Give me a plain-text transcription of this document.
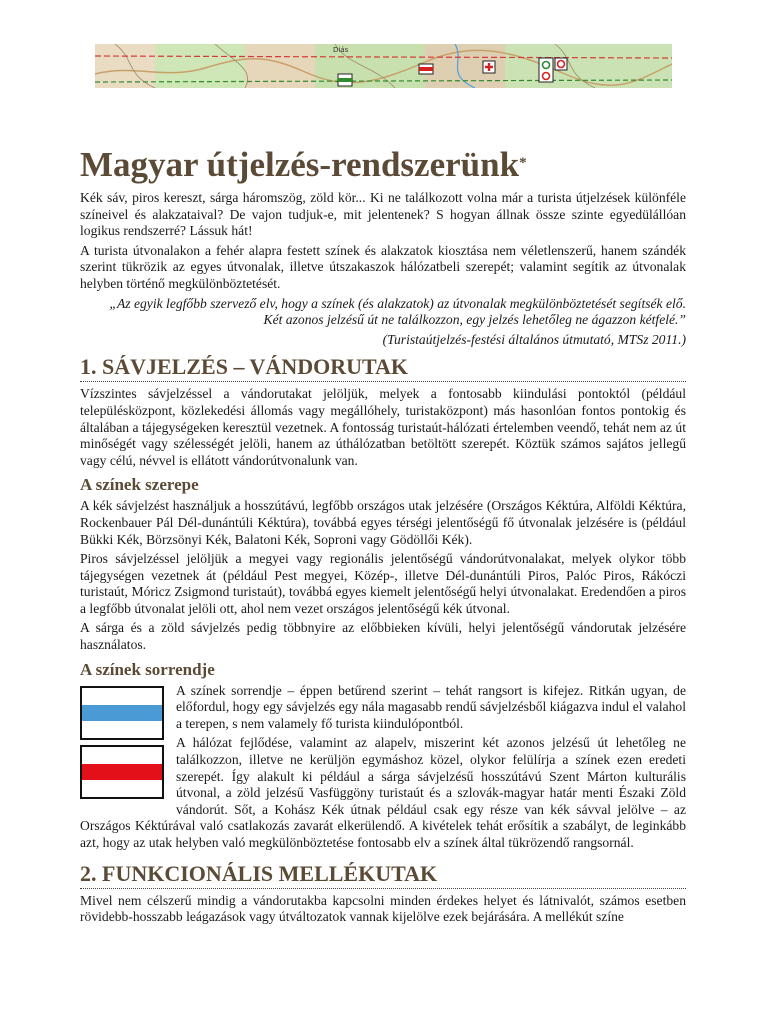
Diás
Magyar útjelzés-rendszerünk*

Kék sáv, piros kereszt, sárga háromszög, zöld kör... Ki ne találkozott volna már a turista útjelzések különféle színeivel és alakzataival? De vajon tudjuk-e, mit jelentenek? S hogyan állnak össze szinte egyedülállóan logikus rendszerré? Lássuk hát!

A turista útvonalakon a fehér alapra festett színek és alakzatok kiosztása nem véletlenszerű, hanem szándék szerint tükrözik az egyes útvonalak, illetve útszakaszok hálózatbeli szerepét; valamint segítik az útvonalak helyben történő megkülönböztetését.

„Az egyik legfőbb szervező elv, hogy a színek (és alakzatok) az útvonalak megkülönböztetését segítsék elő.

Két azonos jelzésű út ne találkozzon, egy jelzés lehetőleg ne ágazzon kétfelé.”

(Turistaútjelzés-festési általános útmutató, MTSz 2011.)

1. SÁVJELZÉS – VÁNDORUTAK

Vízszintes sávjelzéssel a vándorutakat jelöljük, melyek a fontosabb kiindulási pontoktól (például településközpont, közlekedési állomás vagy megállóhely, turistaközpont) más hasonlóan fontos pontokig és általában a tájegységeken keresztül vezetnek. A fontosság turistaút-hálózati értelemben veendő, tehát nem az út minőségét vagy szélességét jelöli, hanem az úthálózatban betöltött szerepét. Köztük számos sajátos jellegű vagy célú, névvel is ellátott vándorútvonalunk van.

A színek szerepe

A kék sávjelzést használjuk a hosszútávú, legfőbb országos utak jelzésére (Országos Kéktúra, Alföldi Kéktúra, Rockenbauer Pál Dél-dunántúli Kéktúra), továbbá egyes térségi jelentőségű fő útvonalak jelzésére is (például Bükki Kék, Börzsönyi Kék, Balatoni Kék, Soproni vagy Gödöllői Kék).

Piros sávjelzéssel jelöljük a megyei vagy regionális jelentőségű vándorútvonalakat, melyek olykor több tájegységen vezetnek át (például Pest megyei, Közép-, illetve Dél-dunántúli Piros, Palóc Piros, Rákóczi turistaút, Móricz Zsigmond turistaút), továbbá egyes kiemelt jelentőségű helyi útvonalakat. Eredendően a piros a legfőbb útvonalat jelöli ott, ahol nem vezet országos jelentőségű kék útvonal.

A sárga és a zöld sávjelzés pedig többnyire az előbbieken kívüli, helyi jelentőségű vándorutak jelzésére használatos.

A színek sorrendje

A színek sorrendje – éppen betűrend szerint – tehát rangsort is kifejez. Ritkán ugyan, de előfordul, hogy egy sávjelzés egy nála magasabb rendű sávjelzésből kiágazva indul el valahol a terepen, s nem valamely fő turista kiindulópontból.

A hálózat fejlődése, valamint az alapelv, miszerint két azonos jelzésű út lehetőleg ne találkozzon, illetve ne kerüljön egymáshoz közel, olykor felülírja a színek ezen eredeti szerepét. Így alakult ki például a sárga sávjelzésű hosszútávú Szent Márton kulturális útvonal, a zöld jelzésű Vasfüggöny turistaút és a szlovák-magyar határ menti Északi Zöld vándorút. Sőt, a Kohász Kék útnak például csak egy része van kék sávval jelölve – az Országos Kéktúrával való csatlakozás zavarát elkerülendő. A kivételek tehát erősítik a szabályt, de leginkább azt, hogy az utak helyben való megkülönböztetése fontosabb elv a színek által tükrözendő rangsornál.

2. FUNKCIONÁLIS MELLÉKUTAK

Mivel nem célszerű mindig a vándorutakba kapcsolni minden érdekes helyet és látnivalót, számos esetben rövidebb-hosszabb leágazások vagy útváltozatok vannak kijelölve ezek bejárására. A mellékút színe
